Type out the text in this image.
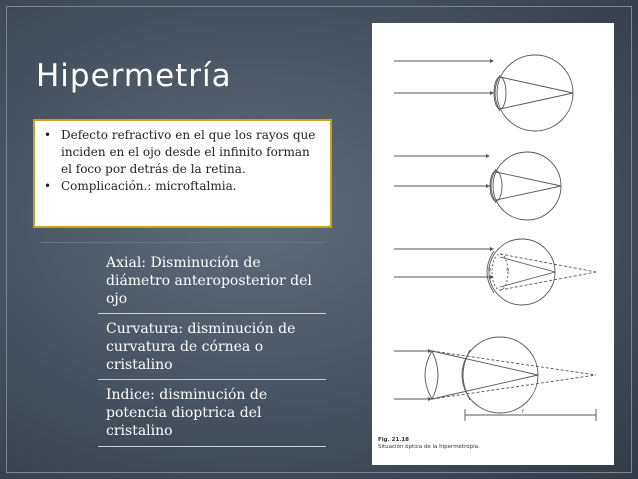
Hipermetría
• Defecto refractivo en el que los rayos que inciden en el ojo desde el infinito forman el foco por detrás de la retina.
• Complicación.: microftalmia.
Axial: Disminución de diámetro anteroposterior del ojo
Curvatura: disminución de curvatura de córnea o cristalino
Indice: disminución de potencia dioptrica del cristalino
b	a
f
Fig. 21.18
Situación óptica de la hipermetropía.
